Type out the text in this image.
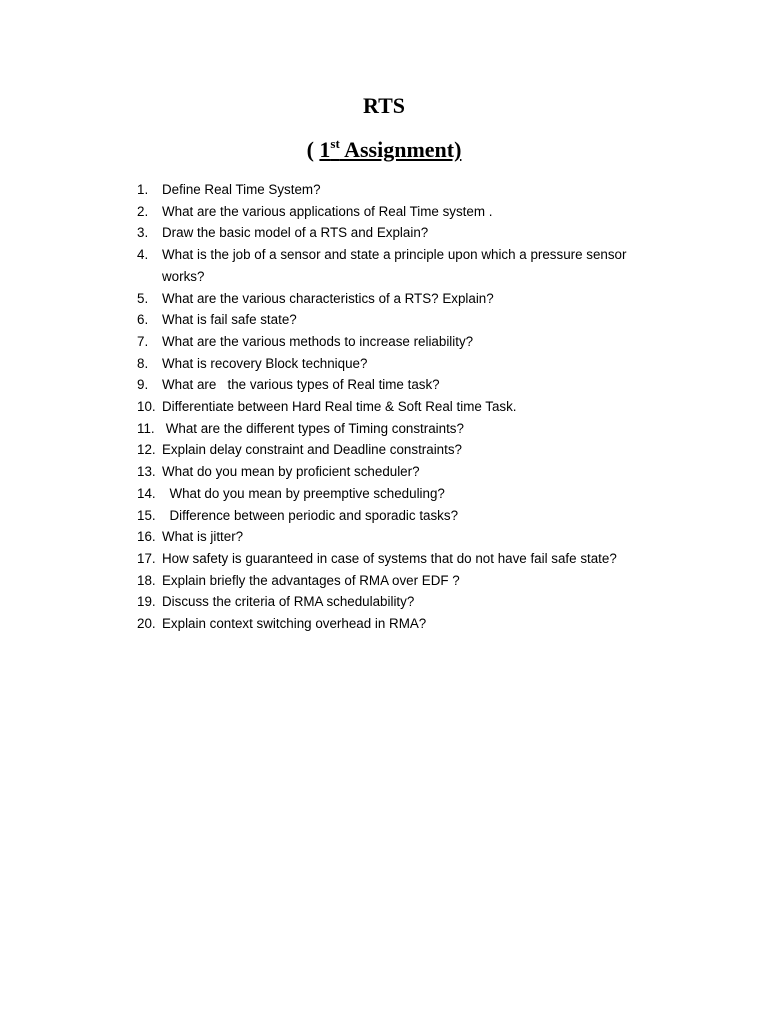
RTS
( 1st Assignment)
1.	Define Real Time System?
2.	What are the various applications of Real Time system .
3.	Draw the basic model of a RTS and Explain?
4.	What is the job of a sensor and state a principle upon which a pressure sensor works?
5.	What are the various characteristics of a RTS? Explain?
6.	What is fail safe state?
7.	What are the various methods to increase reliability?
8.	What is recovery Block technique?
9.	What are   the various types of Real time task?
10. Differentiate between Hard Real time & Soft Real time Task.
11. What are the different types of Timing constraints?
12. Explain delay constraint and Deadline constraints?
13. What do you mean by proficient scheduler?
14. What do you mean by preemptive scheduling?
15. Difference between periodic and sporadic tasks?
16. What is jitter?
17. How safety is guaranteed in case of systems that do not have fail safe state?
18. Explain briefly the advantages of RMA over EDF ?
19. Discuss the criteria of RMA schedulability?
20. Explain context switching overhead in RMA?
